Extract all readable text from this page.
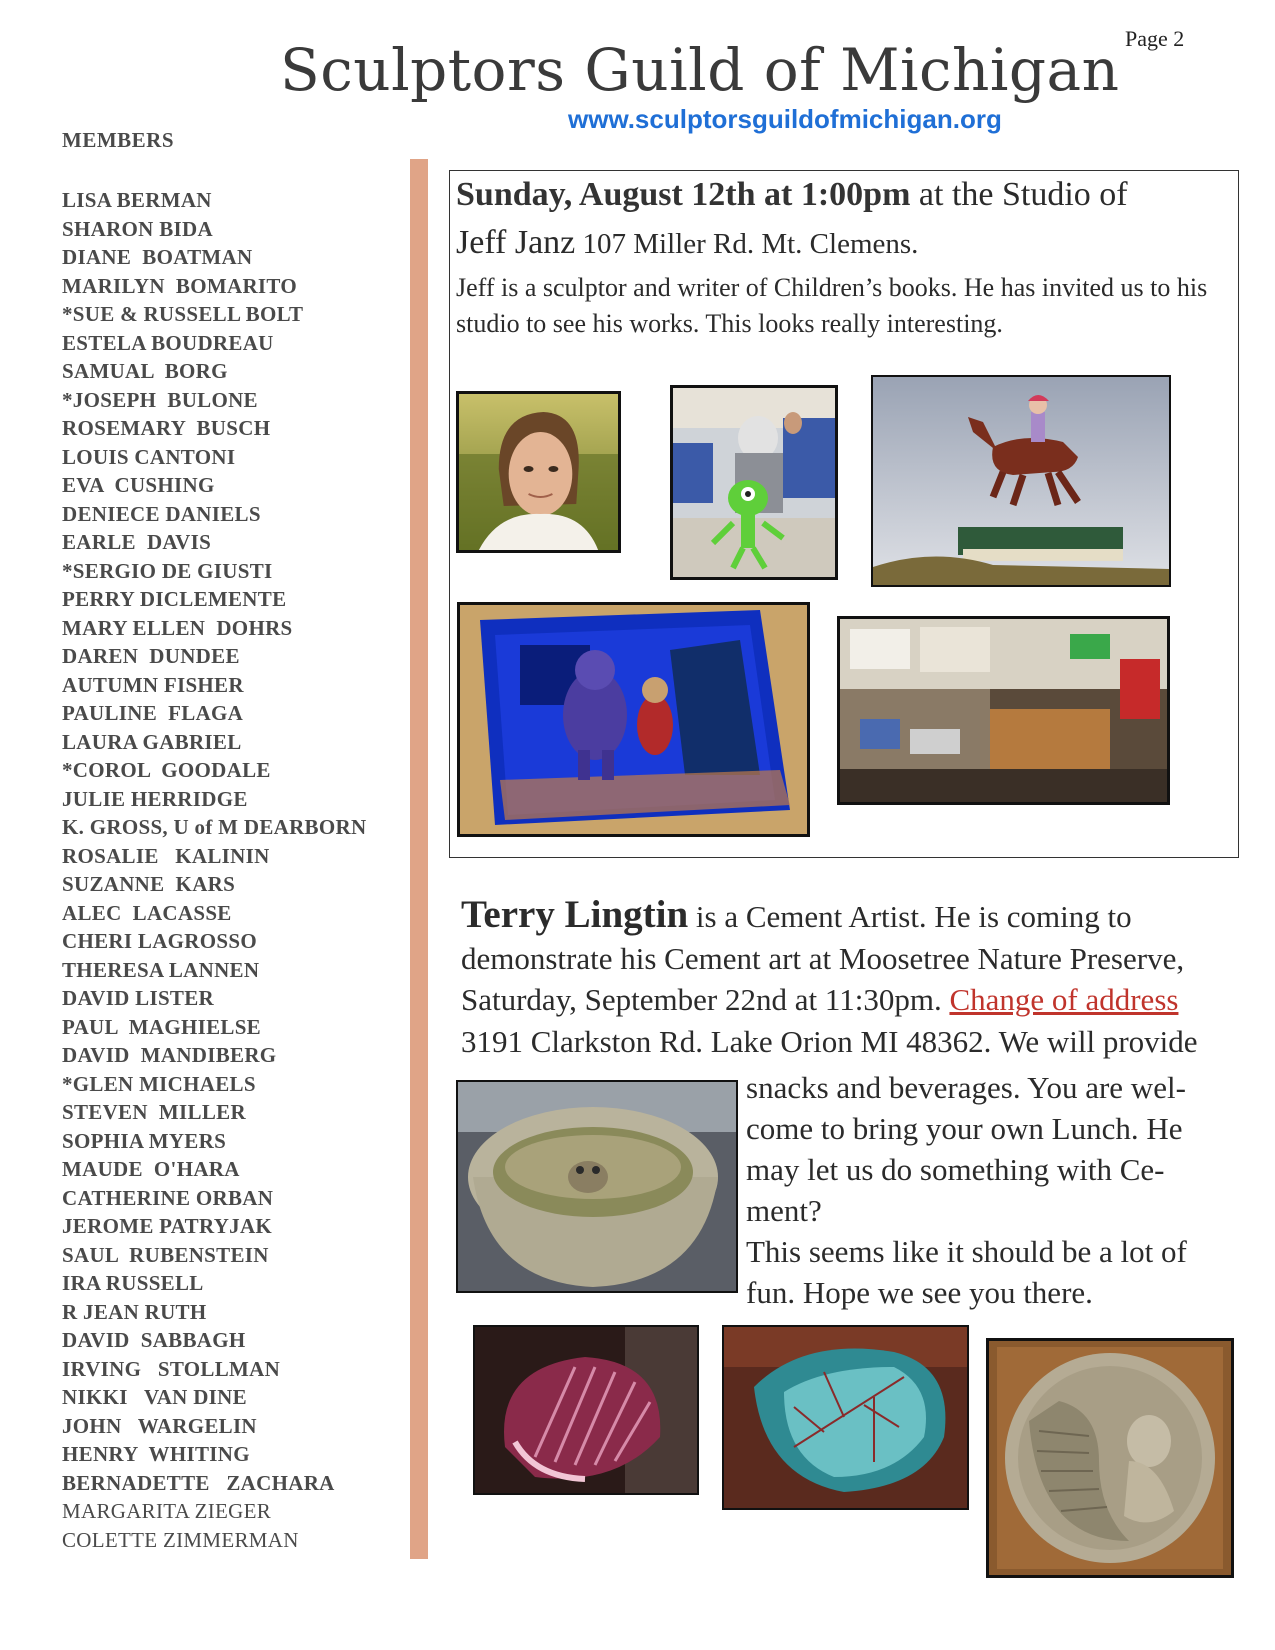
Sculptors Guild of Michigan Page 2
www.sculptorsguildofmichigan.org
MEMBERS
LISA BERMAN
SHARON BIDA
DIANE  BOATMAN
MARILYN  BOMARITO
*SUE & RUSSELL BOLT
ESTELA BOUDREAU
SAMUAL  BORG
*JOSEPH  BULONE
ROSEMARY  BUSCH
LOUIS CANTONI
EVA  CUSHING
DENIECE DANIELS
EARLE  DAVIS
*SERGIO DE GIUSTI
PERRY DICLEMENTE
MARY ELLEN  DOHRS
DAREN  DUNDEE
AUTUMN FISHER
PAULINE  FLAGA
LAURA GABRIEL
*COROL  GOODALE
JULIE HERRIDGE
K. GROSS, U of M DEARBORN
ROSALIE   KALININ
SUZANNE  KARS
ALEC  LACASSE
CHERI LAGROSSO
THERESA LANNEN
DAVID LISTER
PAUL  MAGHIELSE
DAVID  MANDIBERG
*GLEN MICHAELS
STEVEN  MILLER
SOPHIA MYERS
MAUDE  O'HARA
CATHERINE ORBAN
JEROME PATRYJAK
SAUL  RUBENSTEIN
IRA RUSSELL
R JEAN RUTH
DAVID  SABBAGH
IRVING   STOLLMAN
NIKKI   VAN DINE
JOHN   WARGELIN
HENRY  WHITING
BERNADETTE   ZACHARA
MARGARITA ZIEGER
COLETTE ZIMMERMAN
Sunday, August 12th at 1:00pm at the Studio of
Jeff Janz 107 Miller Rd. Mt. Clemens.
Jeff is a sculptor and writer of Children’s books. He has invited us to his studio to see his works. This looks really interesting.
Terry Lingtin is a Cement Artist. He is coming to demonstrate his Cement art at Moosetree Nature Preserve, Saturday, September 22nd at 11:30pm. Change of address 3191 Clarkston Rd. Lake Orion MI 48362. We will provide
snacks and beverages. You are wel-come to bring your own Lunch. He may let us do something with Ce-ment?
This seems like it should be a lot of fun. Hope we see you there.
